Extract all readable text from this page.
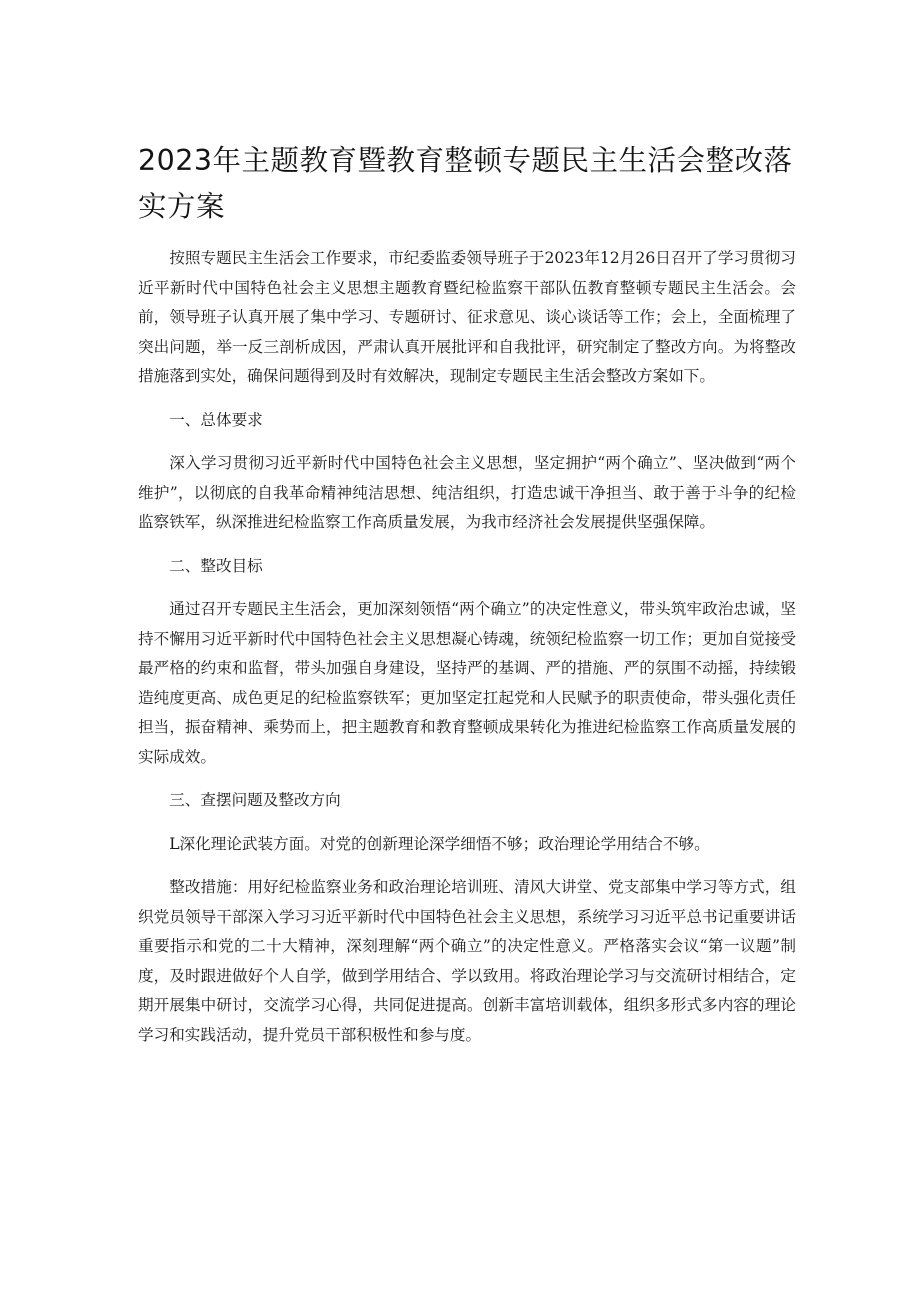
2023年主题教育暨教育整顿专题民主生活会整改落
实方案

按照专题民主生活会工作要求，市纪委监委领导班子于2023年12月26日召开了学习贯彻习近平新时代中国特色社会主义思想主题教育暨纪检监察干部队伍教育整顿专题民主生活会。会前，领导班子认真开展了集中学习、专题研讨、征求意见、谈心谈话等工作；会上，全面梳理了突出问题，举一反三剖析成因，严肃认真开展批评和自我批评，研究制定了整改方向。为将整改措施落到实处，确保问题得到及时有效解决，现制定专题民主生活会整改方案如下。

一、总体要求

深入学习贯彻习近平新时代中国特色社会主义思想，坚定拥护“两个确立”、坚决做到“两个维护”，以彻底的自我革命精神纯洁思想、纯洁组织，打造忠诚干净担当、敢于善于斗争的纪检监察铁军，纵深推进纪检监察工作高质量发展，为我市经济社会发展提供坚强保障。

二、整改目标

通过召开专题民主生活会，更加深刻领悟“两个确立”的决定性意义，带头筑牢政治忠诚，坚持不懈用习近平新时代中国特色社会主义思想凝心铸魂，统领纪检监察一切工作；更加自觉接受最严格的约束和监督，带头加强自身建设，坚持严的基调、严的措施、严的氛围不动摇，持续锻造纯度更高、成色更足的纪检监察铁军；更加坚定扛起党和人民赋予的职责使命，带头强化责任担当，振奋精神、乘势而上，把主题教育和教育整顿成果转化为推进纪检监察工作高质量发展的实际成效。

三、查摆问题及整改方向

L深化理论武装方面。对党的创新理论深学细悟不够；政治理论学用结合不够。

整改措施：用好纪检监察业务和政治理论培训班、清风大讲堂、党支部集中学习等方式，组织党员领导干部深入学习习近平新时代中国特色社会主义思想，系统学习习近平总书记重要讲话重要指示和党的二十大精神，深刻理解“两个确立”的决定性意义。严格落实会议“第一议题”制度，及时跟进做好个人自学，做到学用结合、学以致用。将政治理论学习与交流研讨相结合，定期开展集中研讨，交流学习心得，共同促进提高。创新丰富培训载体，组织多形式多内容的理论学习和实践活动，提升党员干部积极性和参与度。
